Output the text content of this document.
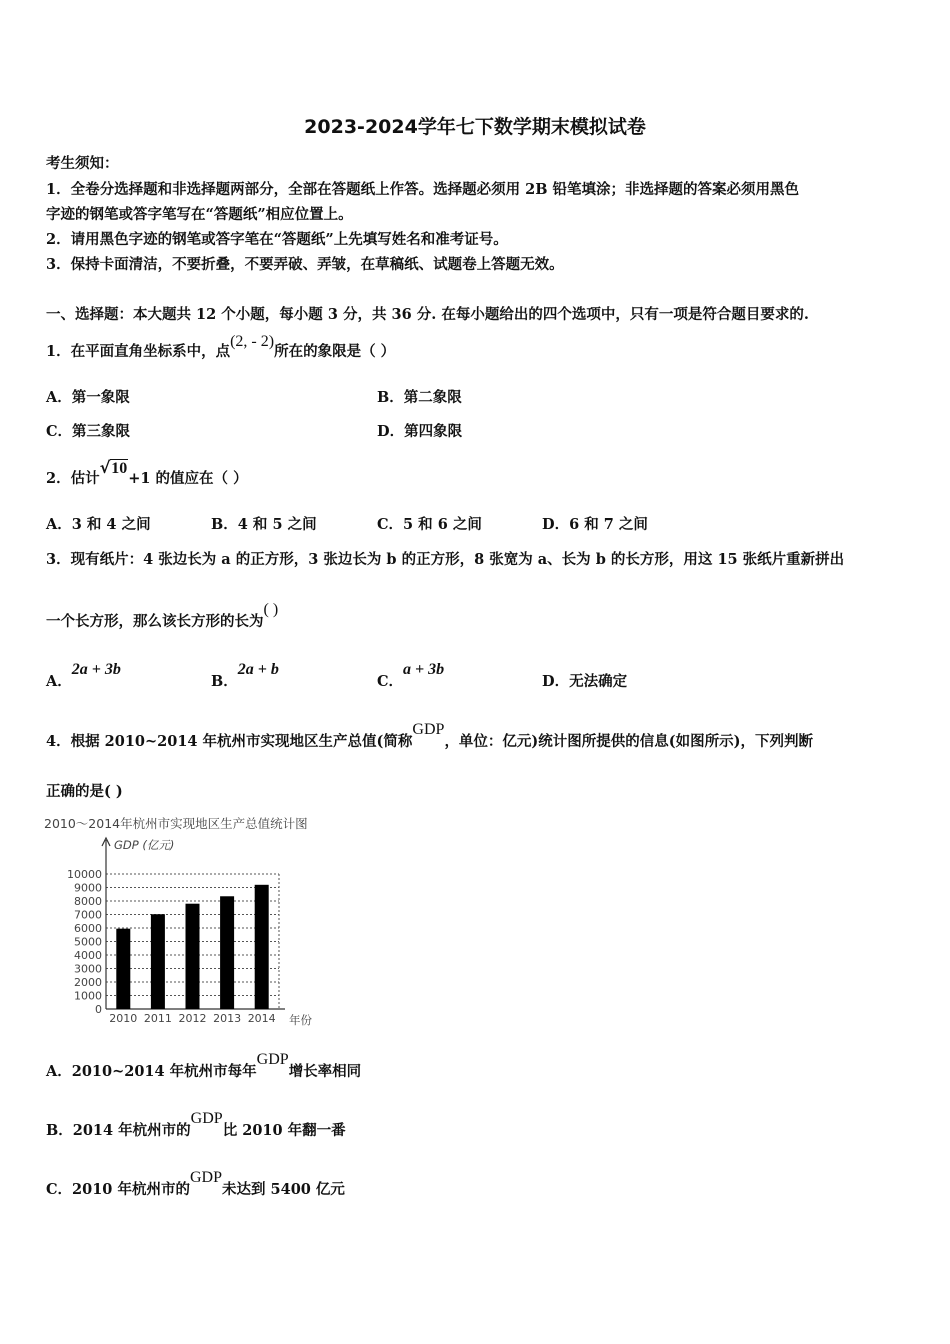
2023-2024学年七下数学期末模拟试卷
考生须知：
1．全卷分选择题和非选择题两部分，全部在答题纸上作答。选择题必须用 2B 铅笔填涂；非选择题的答案必须用黑色
字迹的钢笔或答字笔写在“答题纸”相应位置上。
2．请用黑色字迹的钢笔或答字笔在“答题纸”上先填写姓名和准考证号。
3．保持卡面清洁，不要折叠，不要弄破、弄皱，在草稿纸、试题卷上答题无效。
一、选择题：本大题共 12 个小题，每小题 3 分，共 36 分. 在每小题给出的四个选项中，只有一项是符合题目要求的.
1．在平面直角坐标系中，点(2, - 2)所在的象限是（ ）
A．第一象限	B．第二象限
C．第三象限	D．第四象限
2．估计√10+1 的值应在（ ）
A．3 和 4 之间	B．4 和 5 之间	C．5 和 6 之间	D．6 和 7 之间
3．现有纸片：4 张边长为 a 的正方形，3 张边长为 b 的正方形，8 张宽为 a、长为 b 的长方形，用这 15 张纸片重新拼出
一个长方形，那么该长方形的长为( )
A．2a + 3b
B．2a + b
C．a + 3b
D．无法确定
4．根据 2010~2014 年杭州市实现地区生产总值(简称GDP，单位：亿元)统计图所提供的信息(如图所示)，下列判断
正确的是( )
2010～2014年杭州市实现地区生产总值统计图
GDP (亿元)
年份
0
1000
2000
3000
4000
5000
6000
7000
8000
9000
10000
2010 2011 2012 2013 2014
A．2010~2014 年杭州市每年GDP增长率相同
B．2014 年杭州市的GDP比 2010 年翻一番
C．2010 年杭州市的GDP未达到 5400 亿元
